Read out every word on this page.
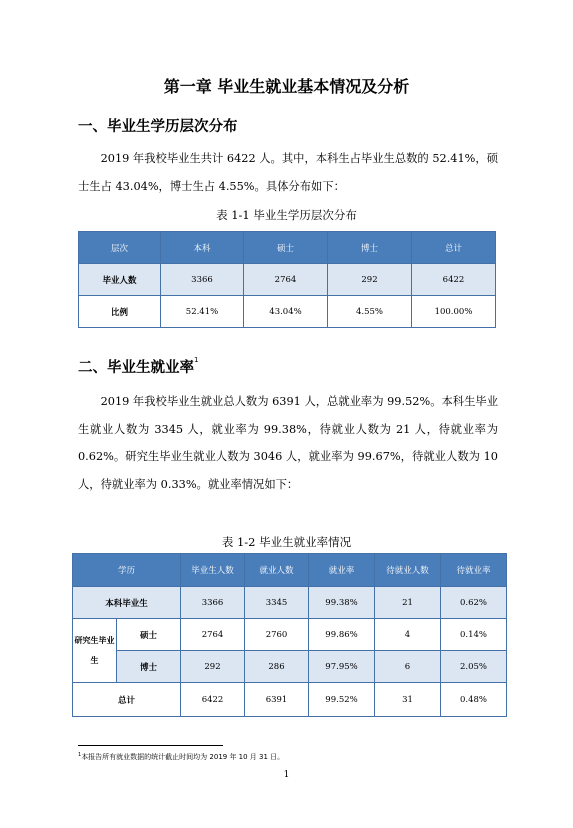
第一章 毕业生就业基本情况及分析
一、毕业生学历层次分布
2019 年我校毕业生共计 6422 人。其中，本科生占毕业生总数的 52.41%，硕士生占 43.04%，博士生占 4.55%。具体分布如下：
表 1-1 毕业生学历层次分布
层次	本科	硕士	博士	总计
毕业人数	3366	2764	292	6422
比例	52.41%	43.04%	4.55%	100.00%
二、毕业生就业率$^1$
2019 年我校毕业生就业总人数为 6391 人，总就业率为 99.52%。本科生毕业生就业人数为 3345 人，就业率为 99.38%，待就业人数为 21 人，待就业率为 0.62%。研究生毕业生就业人数为 3046 人，就业率为 99.67%，待就业人数为 10 人，待就业率为 0.33%。就业率情况如下：
表 1-2 毕业生就业率情况
学历		毕业生人数	就业人数	就业率	待就业人数	待就业率
本科毕业生		3366	3345	99.38%	21	0.62%
研究生毕业生	硕士	2764	2760	99.86%	4	0.14%
	博士	292	286	97.95%	6	2.05%
总计		6422	6391	99.52%	31	0.48%
$^1$本报告所有就业数据的统计截止时间均为 2019 年 10 月 31 日。
1
